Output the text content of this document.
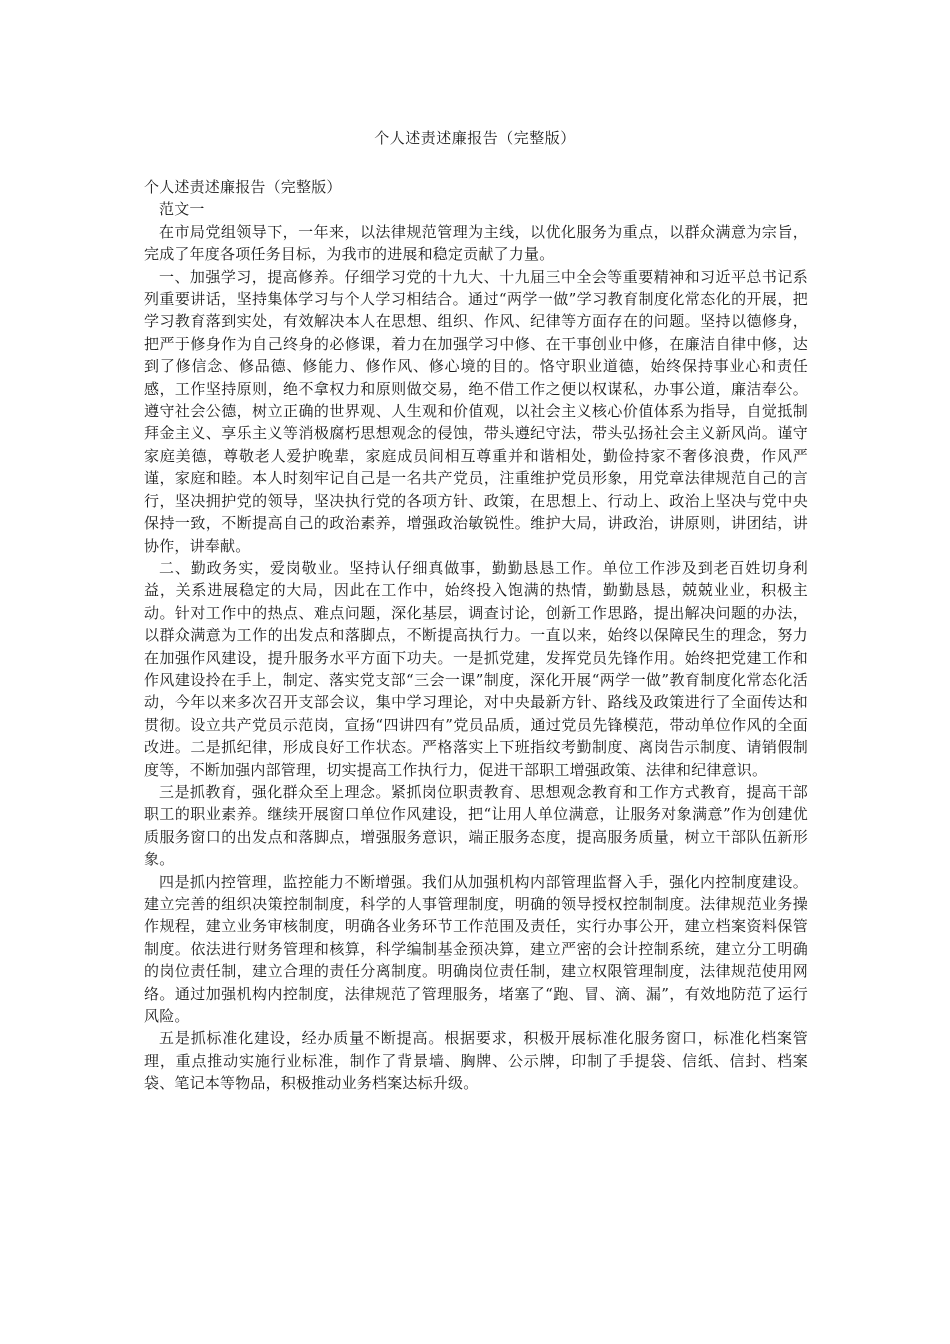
个人述责述廉报告（完整版）

个人述责述廉报告（完整版）

范文一

在市局党组领导下，一年来，以法律规范管理为主线，以优化服务为重点，以群众满意为宗旨，完成了年度各项任务目标，为我市的进展和稳定贡献了力量。

一、加强学习，提高修养。仔细学习党的十九大、十九届三中全会等重要精神和习近平总书记系列重要讲话，坚持集体学习与个人学习相结合。通过“两学一做”学习教育制度化常态化的开展，把学习教育落到实处，有效解决本人在思想、组织、作风、纪律等方面存在的问题。坚持以德修身，把严于修身作为自己终身的必修课，着力在加强学习中修、在干事创业中修，在廉洁自律中修，达到了修信念、修品德、修能力、修作风、修心境的目的。恪守职业道德，始终保持事业心和责任感，工作坚持原则，绝不拿权力和原则做交易，绝不借工作之便以权谋私，办事公道，廉洁奉公。遵守社会公德，树立正确的世界观、人生观和价值观，以社会主义核心价值体系为指导，自觉抵制拜金主义、享乐主义等消极腐朽思想观念的侵蚀，带头遵纪守法，带头弘扬社会主义新风尚。谨守家庭美德，尊敬老人爱护晚辈，家庭成员间相互尊重并和谐相处，勤俭持家不奢侈浪费，作风严谨，家庭和睦。本人时刻牢记自己是一名共产党员，注重维护党员形象，用党章法律规范自己的言行，坚决拥护党的领导，坚决执行党的各项方针、政策，在思想上、行动上、政治上坚决与党中央保持一致，不断提高自己的政治素养，增强政治敏锐性。维护大局，讲政治，讲原则，讲团结，讲协作，讲奉献。

二、勤政务实，爱岗敬业。坚持认仔细真做事，勤勤恳恳工作。单位工作涉及到老百姓切身利益，关系进展稳定的大局，因此在工作中，始终投入饱满的热情，勤勤恳恳，兢兢业业，积极主动。针对工作中的热点、难点问题，深化基层，调查讨论，创新工作思路，提出解决问题的办法，以群众满意为工作的出发点和落脚点，不断提高执行力。一直以来，始终以保障民生的理念，努力在加强作风建设，提升服务水平方面下功夫。一是抓党建，发挥党员先锋作用。始终把党建工作和作风建设拎在手上，制定、落实党支部“三会一课”制度，深化开展“两学一做”教育制度化常态化活动，今年以来多次召开支部会议，集中学习理论，对中央最新方针、路线及政策进行了全面传达和贯彻。设立共产党员示范岗，宣扬“四讲四有”党员品质，通过党员先锋模范，带动单位作风的全面改进。二是抓纪律，形成良好工作状态。严格落实上下班指纹考勤制度、离岗告示制度、请销假制度等，不断加强内部管理，切实提高工作执行力，促进干部职工增强政策、法律和纪律意识。

三是抓教育，强化群众至上理念。紧抓岗位职责教育、思想观念教育和工作方式教育，提高干部职工的职业素养。继续开展窗口单位作风建设，把“让用人单位满意，让服务对象满意”作为创建优质服务窗口的出发点和落脚点，增强服务意识，端正服务态度，提高服务质量，树立干部队伍新形象。

四是抓内控管理，监控能力不断增强。我们从加强机构内部管理监督入手，强化内控制度建设。建立完善的组织决策控制制度，科学的人事管理制度，明确的领导授权控制制度。法律规范业务操作规程，建立业务审核制度，明确各业务环节工作范围及责任，实行办事公开，建立档案资料保管制度。依法进行财务管理和核算，科学编制基金预决算，建立严密的会计控制系统，建立分工明确的岗位责任制，建立合理的责任分离制度。明确岗位责任制，建立权限管理制度，法律规范使用网络。通过加强机构内控制度，法律规范了管理服务，堵塞了“跑、冒、滴、漏”，有效地防范了运行风险。

五是抓标准化建设，经办质量不断提高。根据要求，积极开展标准化服务窗口，标准化档案管理，重点推动实施行业标准，制作了背景墙、胸牌、公示牌，印制了手提袋、信纸、信封、档案袋、笔记本等物品，积极推动业务档案达标升级。
